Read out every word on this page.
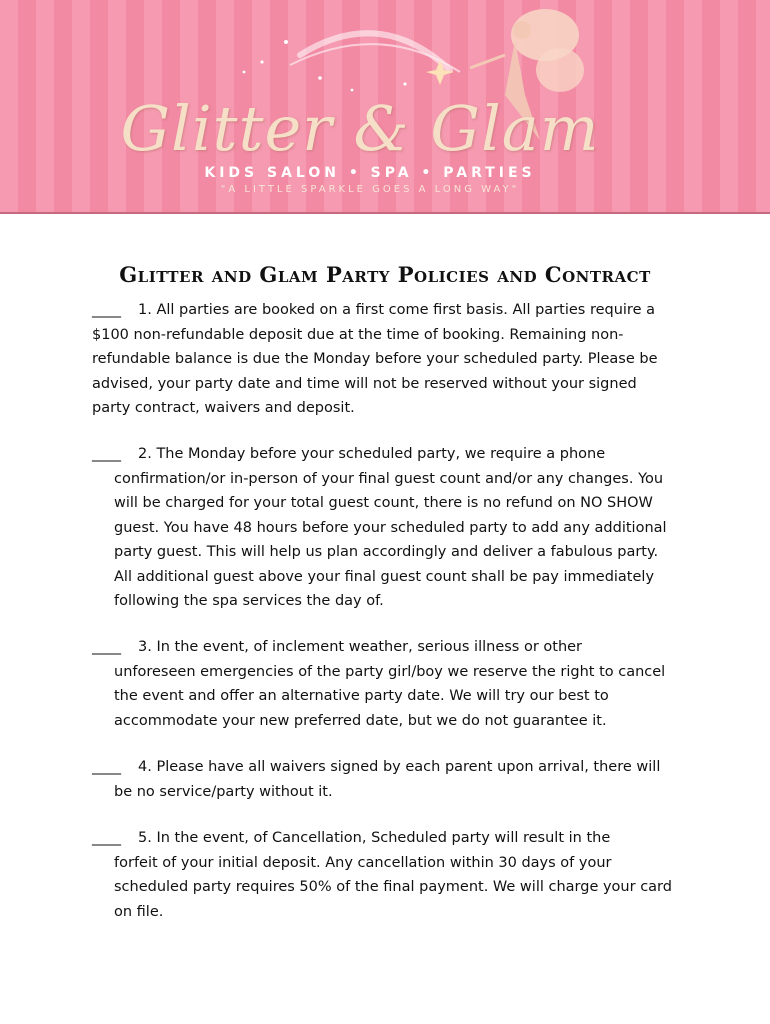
Glitter & Glam
KIDS SALON • SPA • PARTIES
"A LITTLE SPARKLE GOES A LONG WAY"
Glitter and Glam Party Policies and Contract
____ 1. All parties are booked on a first come first basis. All parties require a
$100 non-refundable deposit due at the time of booking. Remaining non-
refundable balance is due the Monday before your scheduled party. Please be
advised, your party date and time will not be reserved without your signed
party contract, waivers and deposit.
____ 2. The Monday before your scheduled party, we require a phone
confirmation/or in-person of your final guest count and/or any changes. You
will be charged for your total guest count, there is no refund on NO SHOW
guest. You have 48 hours before your scheduled party to add any additional
party guest. This will help us plan accordingly and deliver a fabulous party.
All additional guest above your final guest count shall be pay immediately
following the spa services the day of.
____ 3. In the event, of inclement weather, serious illness or other
unforeseen emergencies of the party girl/boy we reserve the right to cancel
the event and offer an alternative party date. We will try our best to
accommodate your new preferred date, but we do not guarantee it.
____ 4. Please have all waivers signed by each parent upon arrival, there will
be no service/party without it.
____ 5. In the event, of Cancellation, Scheduled party will result in the
forfeit of your initial deposit. Any cancellation within 30 days of your
scheduled party requires 50% of the final payment. We will charge your card
on file.
